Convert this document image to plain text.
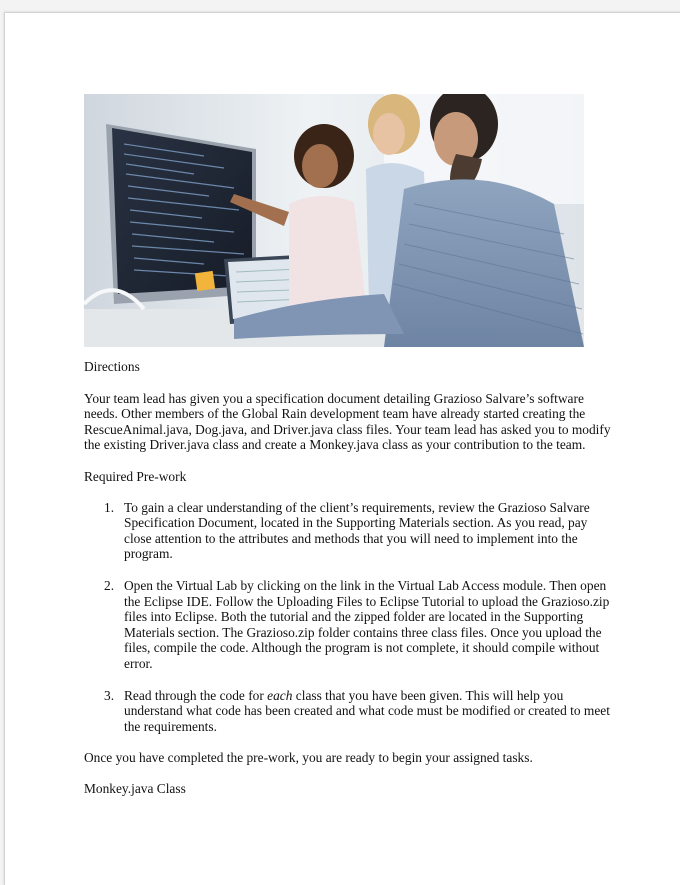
Directions

Your team lead has given you a specification document detailing Grazioso Salvare’s software needs. Other members of the Global Rain development team have already started creating the RescueAnimal.java, Dog.java, and Driver.java class files. Your team lead has asked you to modify the existing Driver.java class and create a Monkey.java class as your contribution to the team.

Required Pre-work

1. To gain a clear understanding of the client’s requirements, review the Grazioso Salvare Specification Document, located in the Supporting Materials section. As you read, pay close attention to the attributes and methods that you will need to implement into the program.
2. Open the Virtual Lab by clicking on the link in the Virtual Lab Access module. Then open the Eclipse IDE. Follow the Uploading Files to Eclipse Tutorial to upload the Grazioso.zip files into Eclipse. Both the tutorial and the zipped folder are located in the Supporting Materials section. The Grazioso.zip folder contains three class files. Once you upload the files, compile the code. Although the program is not complete, it should compile without error.
3. Read through the code for each class that you have been given. This will help you understand what code has been created and what code must be modified or created to meet the requirements.

Once you have completed the pre-work, you are ready to begin your assigned tasks.

Monkey.java Class
